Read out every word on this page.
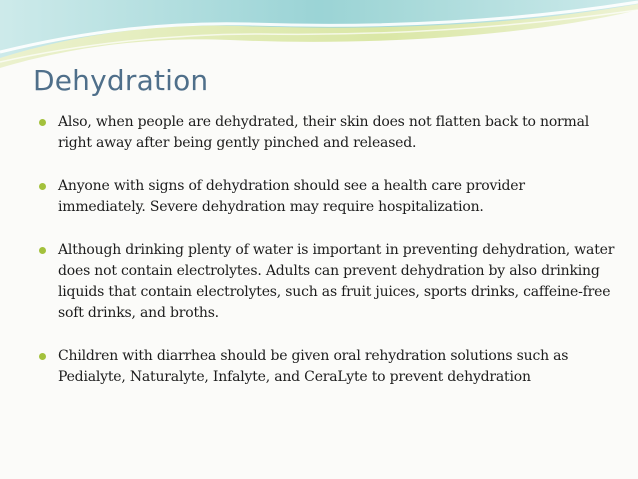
Dehydration
Also, when people are dehydrated, their skin does not flatten back to normal right away after being gently pinched and released.
Anyone with signs of dehydration should see a health care provider immediately. Severe dehydration may require hospitalization.
Although drinking plenty of water is important in preventing dehydration, water does not contain electrolytes. Adults can prevent dehydration by also drinking liquids that contain electrolytes, such as fruit juices, sports drinks, caffeine-free soft drinks, and broths.
Children with diarrhea should be given oral rehydration solutions such as Pedialyte, Naturalyte, Infalyte, and CeraLyte to prevent dehydration
